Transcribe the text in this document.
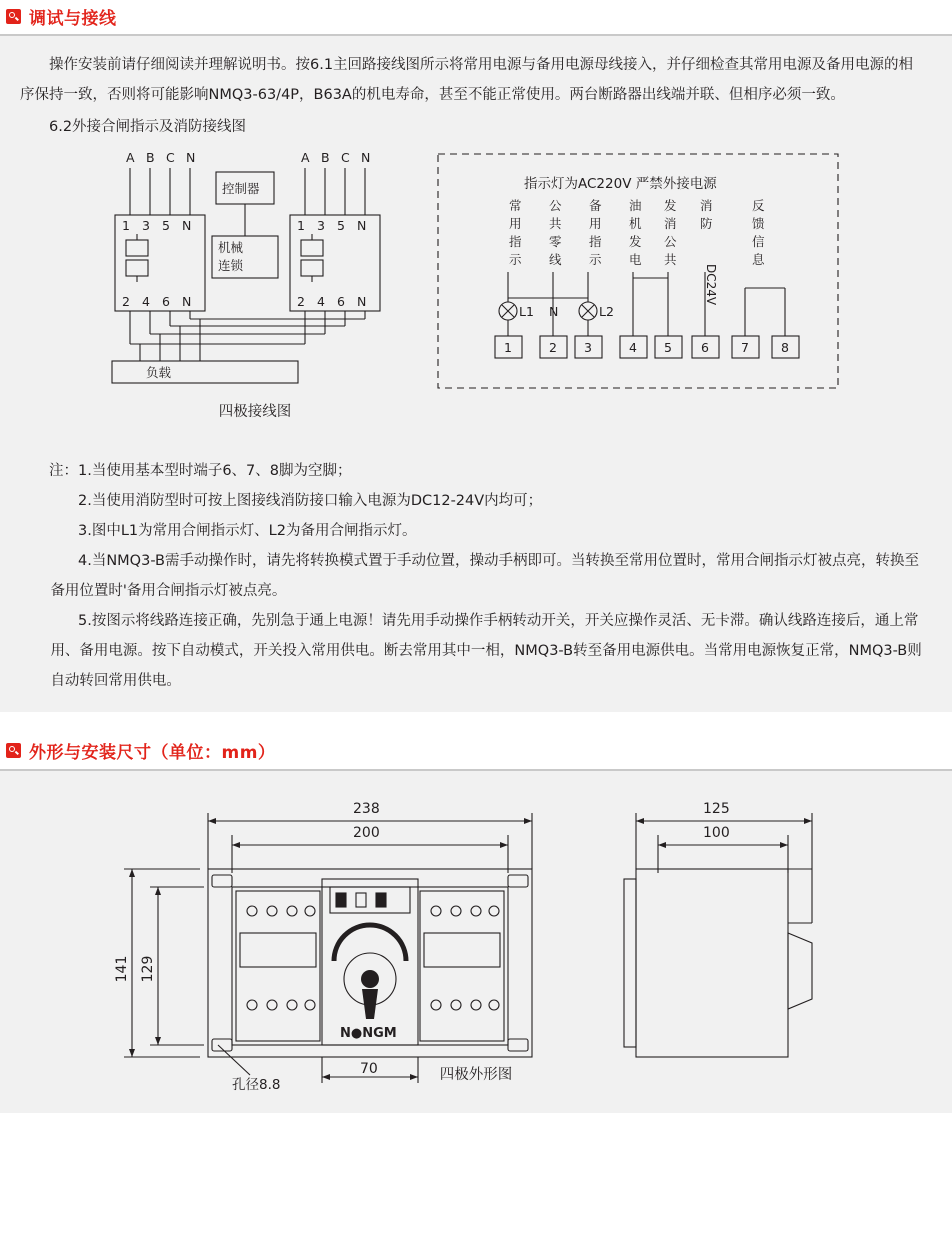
调试与接线
操作安装前请仔细阅读并理解说明书。按6.1主回路接线图所示将常用电源与备用电源母线接入，并仔细检查其常用电源及备用电源的相序保持一致，否则将可能影响NMQ3-63/4P，B63A的机电寿命，甚至不能正常使用。两台断路器出线端并联、但相序必须一致。
6.2外接合闸指示及消防接线图
A B C N	A B C N
控制器
1 3 5 N
2 4 6 N
机械
连锁
1 3 5 N
2 4 6 N
负载
指示灯为AC220V 严禁外接电源
常
用
指
示
公
共
零
线
备
用
指
示
油
机
发
电
发
消
公
共
消
防
DC24V
反
馈
信
息
L1 N	L2
1	2 3	4 5 6	7	8
四极接线图
注：1.当使用基本型时端子6、7、8脚为空脚；
2.当使用消防型时可按上图接线消防接口输入电源为DC12-24V内均可；
3.图中L1为常用合闸指示灯、L2为备用合闸指示灯。
4.当NMQ3-B需手动操作时，请先将转换模式置于手动位置，操动手柄即可。当转换至常用位置时，常用合闸指示灯被点亮，转换至备用位置时'备用合闸指示灯被点亮。
5.按图示将线路连接正确，先别急于通上电源！请先用手动操作手柄转动开关，开关应操作灵活、无卡滞。确认线路连接后，通上常用、备用电源。按下自动模式，开关投入常用供电。断去常用其中一相，NMQ3-B转至备用电源供电。当常用电源恢复正常，NMQ3-B则自动转回常用供电。
外形与安装尺寸（单位：mm）
238
200
N●NGM
141 129
孔径8.8
70
125
100
四极外形图
